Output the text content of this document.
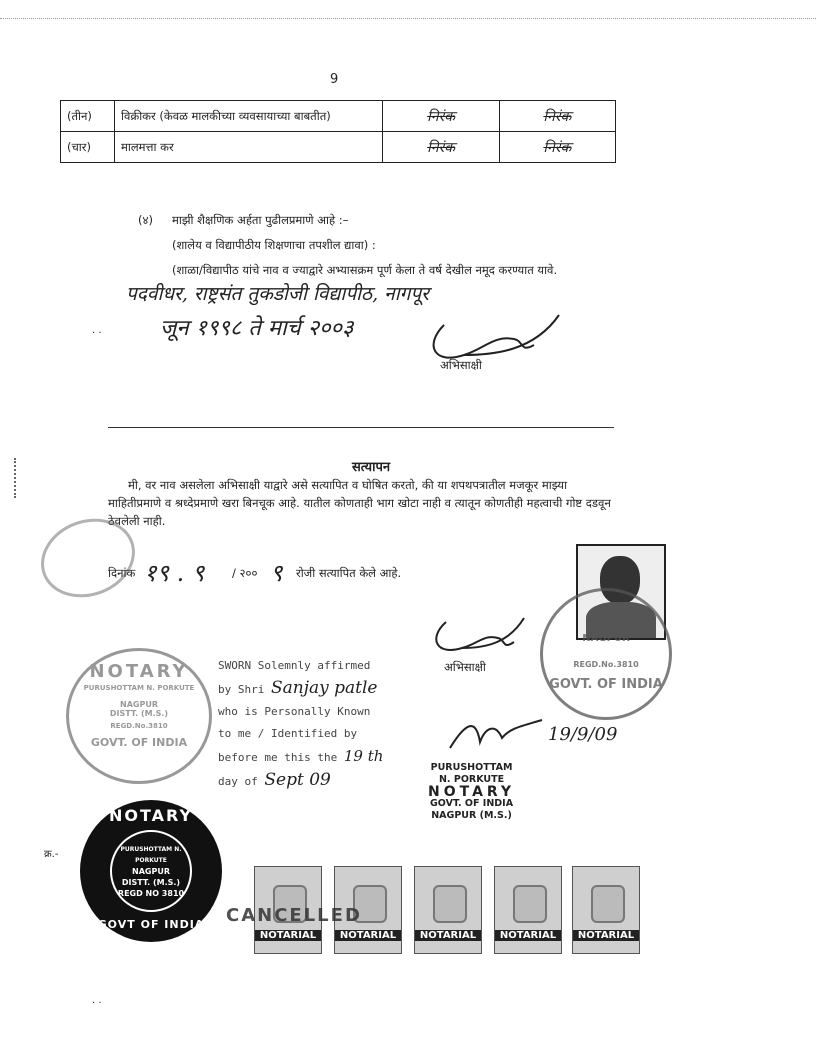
9
(तीन)	विक्रीकर (केवळ मालकीच्या व्यवसायाच्या बाबतीत)	निरंक	निरंक
(चार)	मालमत्ता कर	निरंक	निरंक
(४) माझी शैक्षणिक अर्हता पुढीलप्रमाणे आहे :–
(शालेय व विद्यापीठीय शिक्षणाचा तपशील द्यावा) :
(शाळा/विद्यापीठ यांचे नाव व ज्याद्वारे अभ्यासक्रम पूर्ण केला ते वर्ष देखील नमूद करण्यात यावे.
पदवीधर, राष्ट्रसंत तुकडोजी विद्यापीठ, नागपूर
जून १९९८ ते मार्च २००३
अभिसाक्षी
· ·
सत्यापन
मी, वर नाव असलेला अभिसाक्षी याद्वारे असे सत्यापित व घोषित करतो, की या शपथपत्रातील मजकूर माझ्या माहितीप्रमाणे व श्रध्देप्रमाणे खरा बिनचूक आहे. यातील कोणताही भाग खोटा नाही व त्यातून कोणतीही महत्वाची गोष्ट दडवून ठेवलेली नाही.
दिनांक १९ . ९ / २०० ९ रोजी सत्यापित केले आहे.
NAGPUR
REGD.No.3810
GOVT. OF INDIA
अभिसाक्षी
NOTARY
PURUSHOTTAM N. PORKUTE
NAGPUR
DISTT. (M.S.)
REGD.No.3810
GOVT. OF INDIA
SWORN Solemnly affirmed
by Shri Sanjay patle
who is Personally Known
to me / Identified by
before me this the 19 th
day of Sept 09
19/9/09
PURUSHOTTAM
N. PORKUTE
NOTARY
GOVT. OF INDIA
NAGPUR (M.S.)
NOTARY
PURUSHOTTAM N. PORKUTE
NAGPUR
DISTT. (M.S.)
REGD NO 3810
GOVT OF INDIA
क्र.-
NOTARIAL	NOTARIAL	NOTARIAL	NOTARIAL	NOTARIAL
CANCELLED
· ·
